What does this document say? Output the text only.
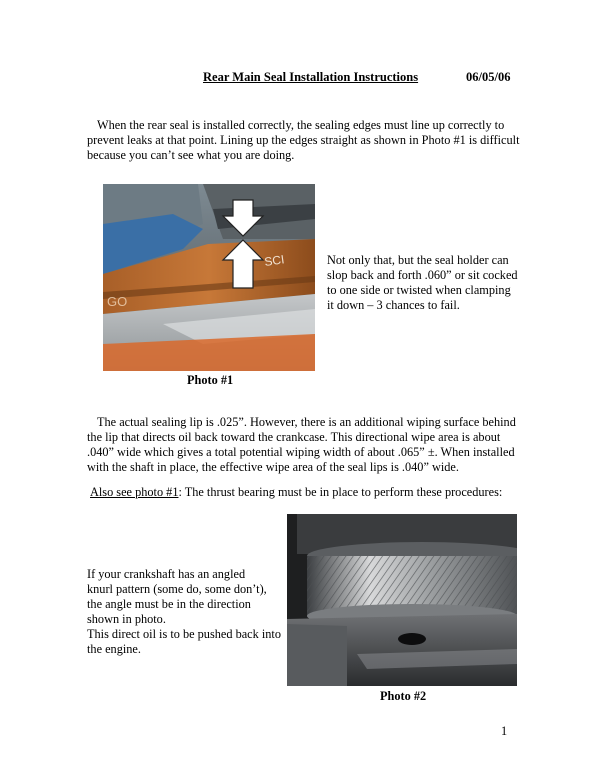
Rear Main Seal Installation Instructions	06/05/06
When the rear seal is installed correctly, the sealing edges must line up correctly to
prevent leaks at that point. Lining up the edges straight as shown in Photo #1 is difficult
because you can’t see what you are doing.
SCI
GO
Not only that, but the seal holder can
slop back and forth .060” or sit cocked
to one side or twisted when clamping
it down – 3 chances to fail.
Photo #1
The actual sealing lip is .025”. However, there is an additional wiping surface behind
the lip that directs oil back toward the crankcase. This directional wipe area is about
.040” wide which gives a total potential wiping width of about .065” ±. When installed
with the shaft in place, the effective wipe area of the seal lips is .040” wide.
Also see photo #1: The thrust bearing must be in place to perform these procedures:
If your crankshaft has an angled
knurl pattern (some do, some don’t),
the angle must be in the direction
shown in photo.
This direct oil is to be pushed back into
the engine.
Photo #2
1
